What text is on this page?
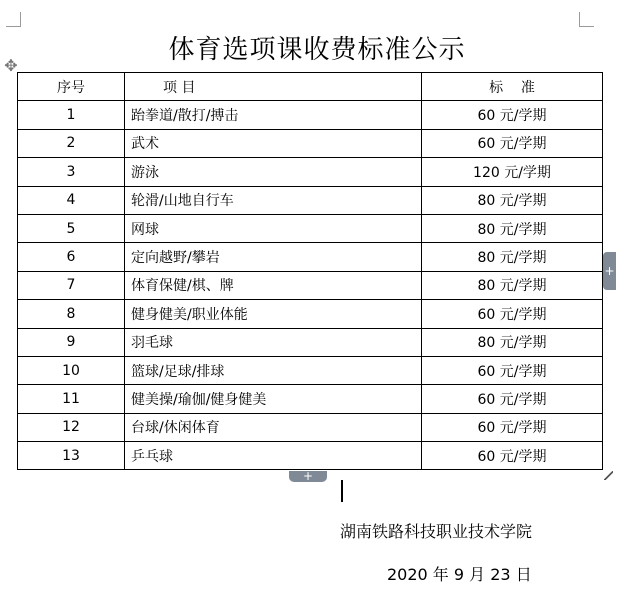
体育选项课收费标准公示
✥
序号	项 目	标    准
1	跆拳道/散打/搏击	60 元/学期
2	武术	60 元/学期
3	游泳	120 元/学期
4	轮滑/山地自行车	80 元/学期
5	网球	80 元/学期
6	定向越野/攀岩	80 元/学期
7	体育保健/棋、牌	80 元/学期
8	健身健美/职业体能	60 元/学期
9	羽毛球	80 元/学期
10	篮球/足球/排球	60 元/学期
11	健美操/瑜伽/健身健美	60 元/学期
12	台球/休闲体育	60 元/学期
13	乒乓球	60 元/学期
+
+
湖南铁路科技职业技术学院
2020 年 9 月 23 日
